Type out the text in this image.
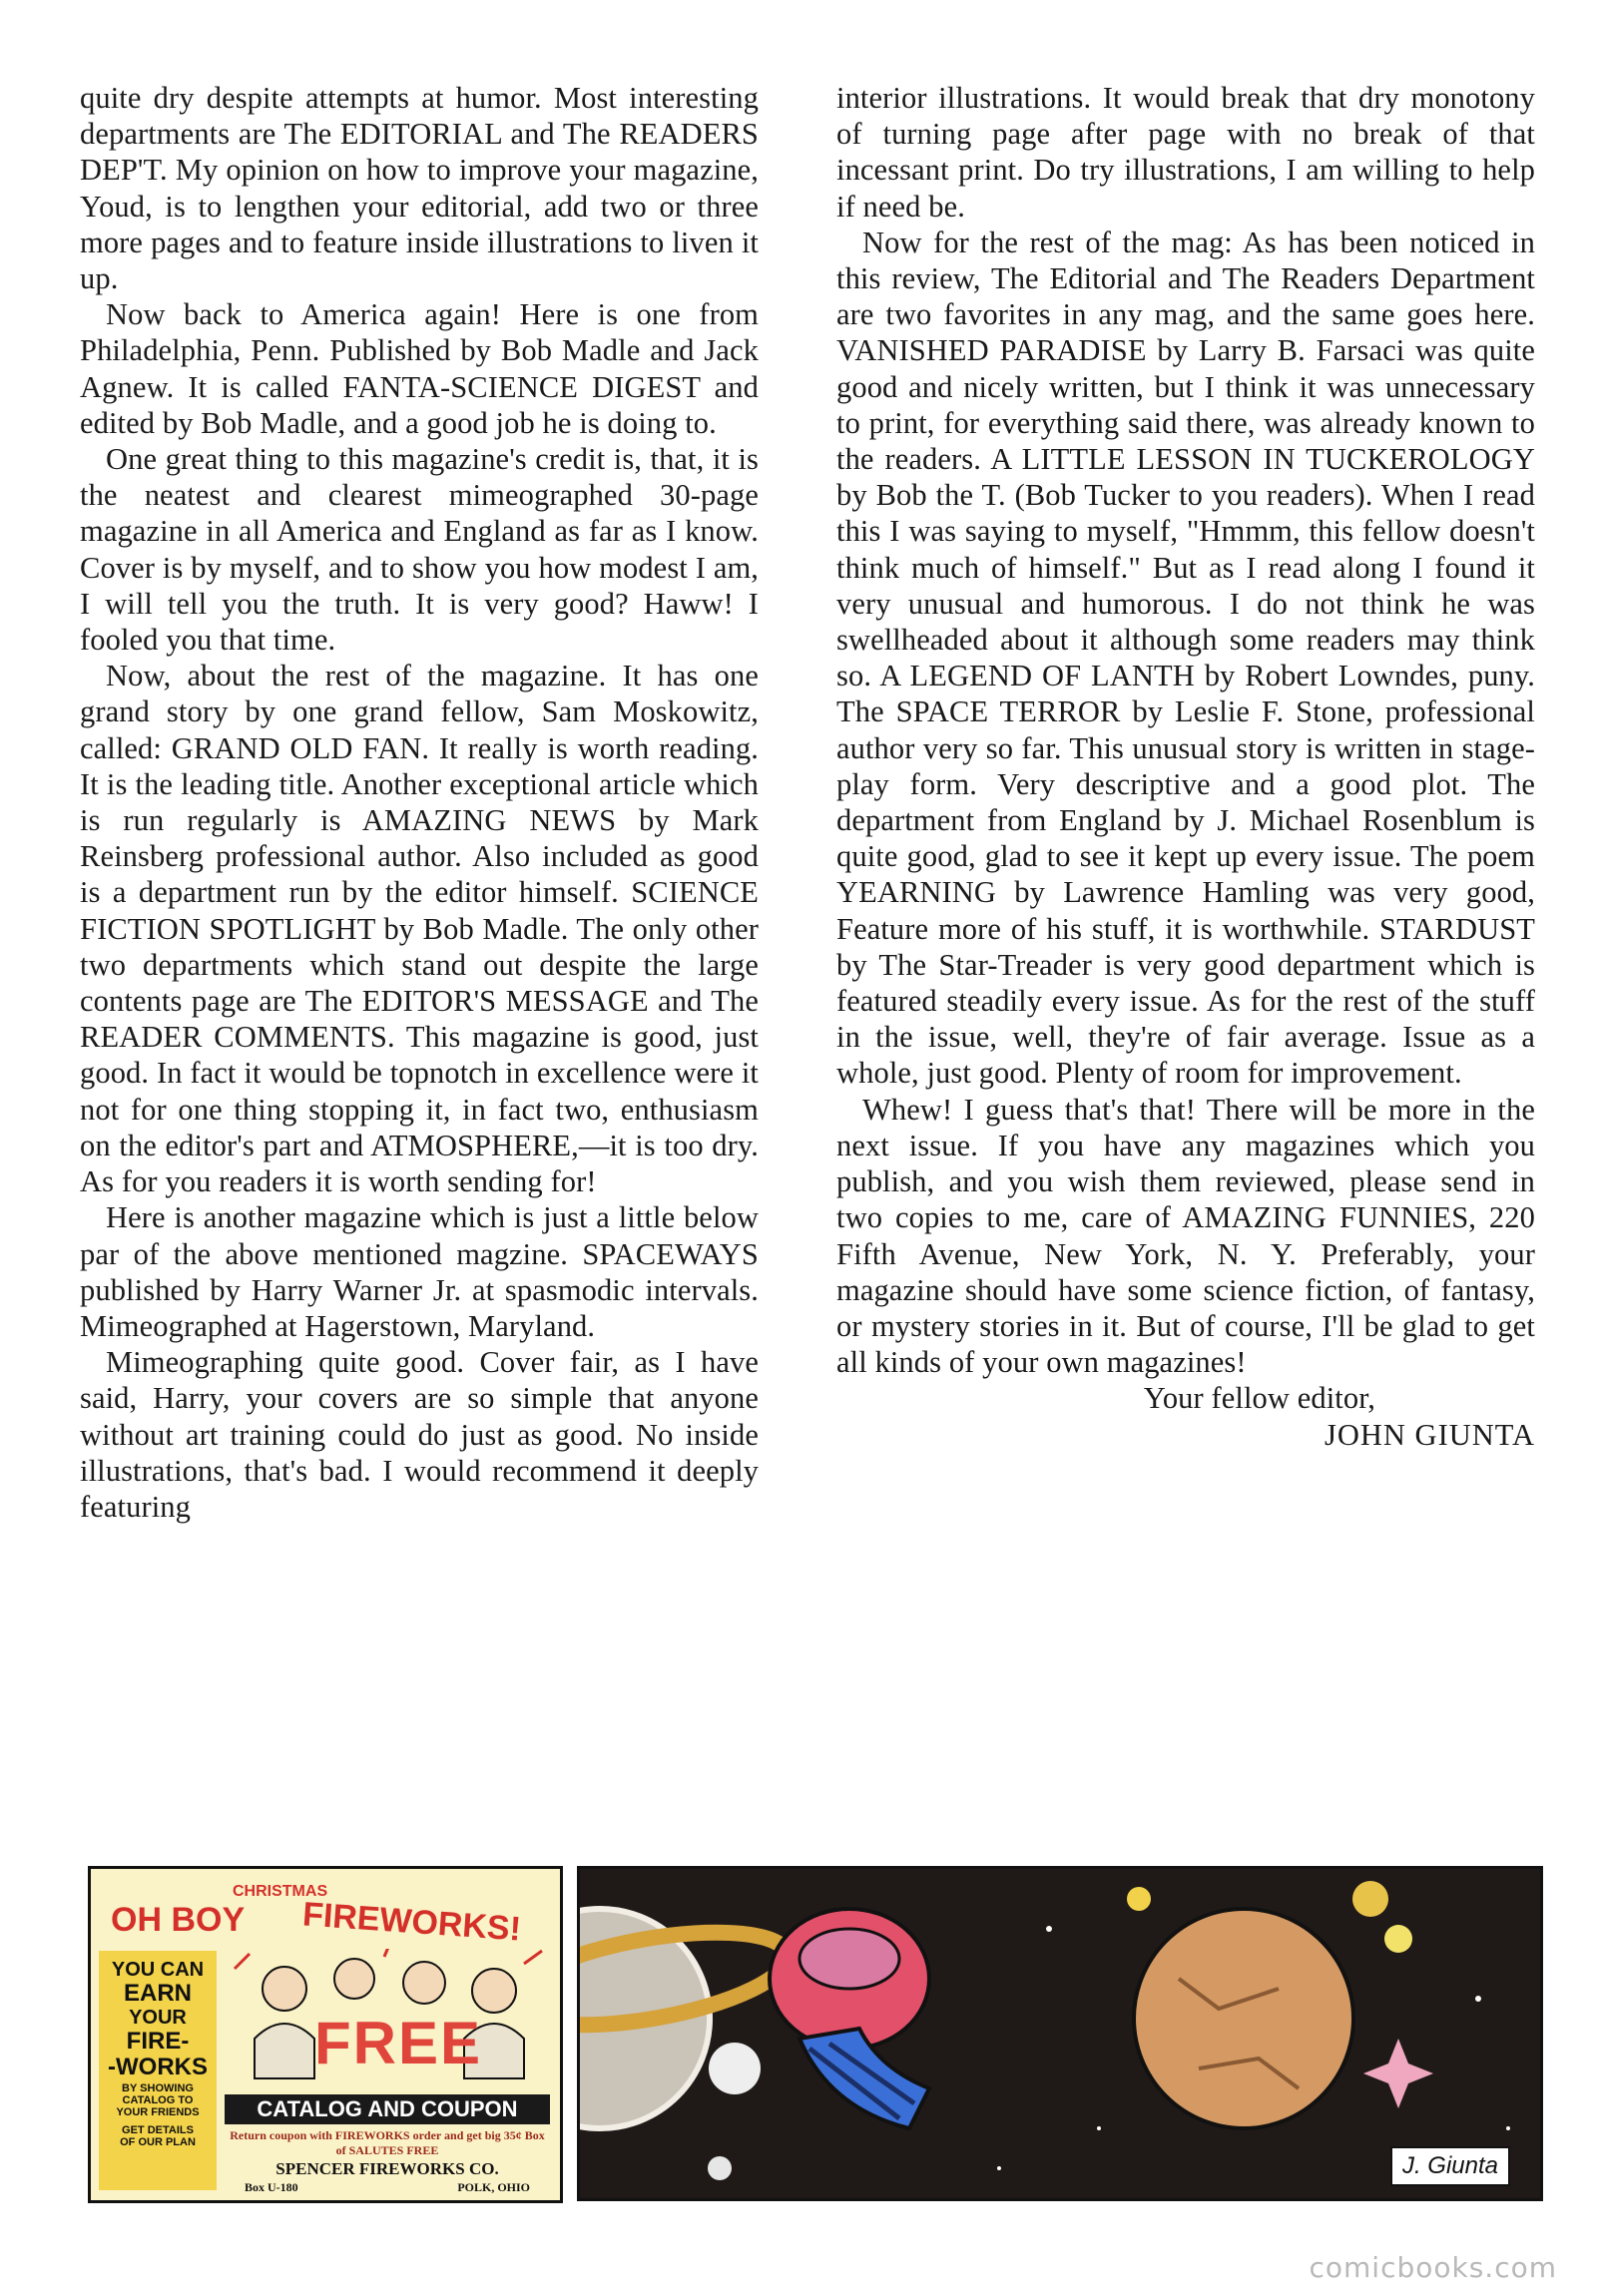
quite dry despite attempts at humor. Most interesting departments are The EDITORIAL and The READERS DEP'T. My opinion on how to improve your magazine, Youd, is to lengthen your editorial, add two or three more pages and to feature inside illustrations to liven it up.

Now back to America again! Here is one from Philadelphia, Penn. Published by Bob Madle and Jack Agnew. It is called FANTA-SCIENCE DIGEST and edited by Bob Madle, and a good job he is doing to.

One great thing to this magazine's credit is, that, it is the neatest and clearest mimeographed 30-page magazine in all America and England as far as I know. Cover is by myself, and to show you how modest I am, I will tell you the truth. It is very good? Haww! I fooled you that time.

Now, about the rest of the magazine. It has one grand story by one grand fellow, Sam Moskowitz, called: GRAND OLD FAN. It really is worth reading. It is the leading title. Another exceptional article which is run regularly is AMAZING NEWS by Mark Reinsberg professional author. Also included as good is a department run by the editor himself. SCIENCE FICTION SPOTLIGHT by Bob Madle. The only other two departments which stand out despite the large contents page are The EDITOR'S MESSAGE and The READER COMMENTS. This magazine is good, just good. In fact it would be topnotch in excellence were it not for one thing stopping it, in fact two, enthusiasm on the editor's part and ATMOSPHERE,—it is too dry. As for you readers it is worth sending for!

Here is another magazine which is just a little below par of the above mentioned magzine. SPACEWAYS published by Harry Warner Jr. at spasmodic intervals. Mimeographed at Hagerstown, Maryland.

Mimeographing quite good. Cover fair, as I have said, Harry, your covers are so simple that anyone without art training could do just as good. No inside illustrations, that's bad. I would recommend it deeply featuring

interior illustrations. It would break that dry monotony of turning page after page with no break of that incessant print. Do try illustrations, I am willing to help if need be.

Now for the rest of the mag: As has been noticed in this review, The Editorial and The Readers Department are two favorites in any mag, and the same goes here. VANISHED PARADISE by Larry B. Farsaci was quite good and nicely written, but I think it was unnecessary to print, for everything said there, was already known to the readers. A LITTLE LESSON IN TUCKEROLOGY by Bob the T. (Bob Tucker to you readers). When I read this I was saying to myself, "Hmmm, this fellow doesn't think much of himself." But as I read along I found it very unusual and humorous. I do not think he was swellheaded about it although some readers may think so. A LEGEND OF LANTH by Robert Lowndes, puny. The SPACE TERROR by Leslie F. Stone, professional author very so far. This unusual story is written in stage-play form. Very descriptive and a good plot. The department from England by J. Michael Rosenblum is quite good, glad to see it kept up every issue. The poem YEARNING by Lawrence Hamling was very good, Feature more of his stuff, it is worthwhile. STARDUST by The Star-Treader is very good department which is featured steadily every issue. As for the rest of the stuff in the issue, well, they're of fair average. Issue as a whole, just good. Plenty of room for improvement.

Whew! I guess that's that! There will be more in the next issue. If you have any magazines which you publish, and you wish them reviewed, please send in two copies to me, care of AMAZING FUNNIES, 220 Fifth Avenue, New York, N. Y. Preferably, your magazine should have some science fiction, of fantasy, or mystery stories in it. But of course, I'll be glad to get all kinds of your own magazines!

Your fellow editor,

JOHN GIUNTA

OH BOY
CHRISTMAS
FIREWORKS!
YOU CAN
EARN
YOUR
FIRE-
-WORKS
BY SHOWING CATALOG TO YOUR FRIENDS
GET DETAILS OF OUR PLAN
FREE
CATALOG AND COUPON
Return coupon with FIREWORKS order and get big 35¢ Box of SALUTES FREE
SPENCER FIREWORKS CO.
Box U-180	POLK, OHIO
J. Giunta
comicbooks.com
